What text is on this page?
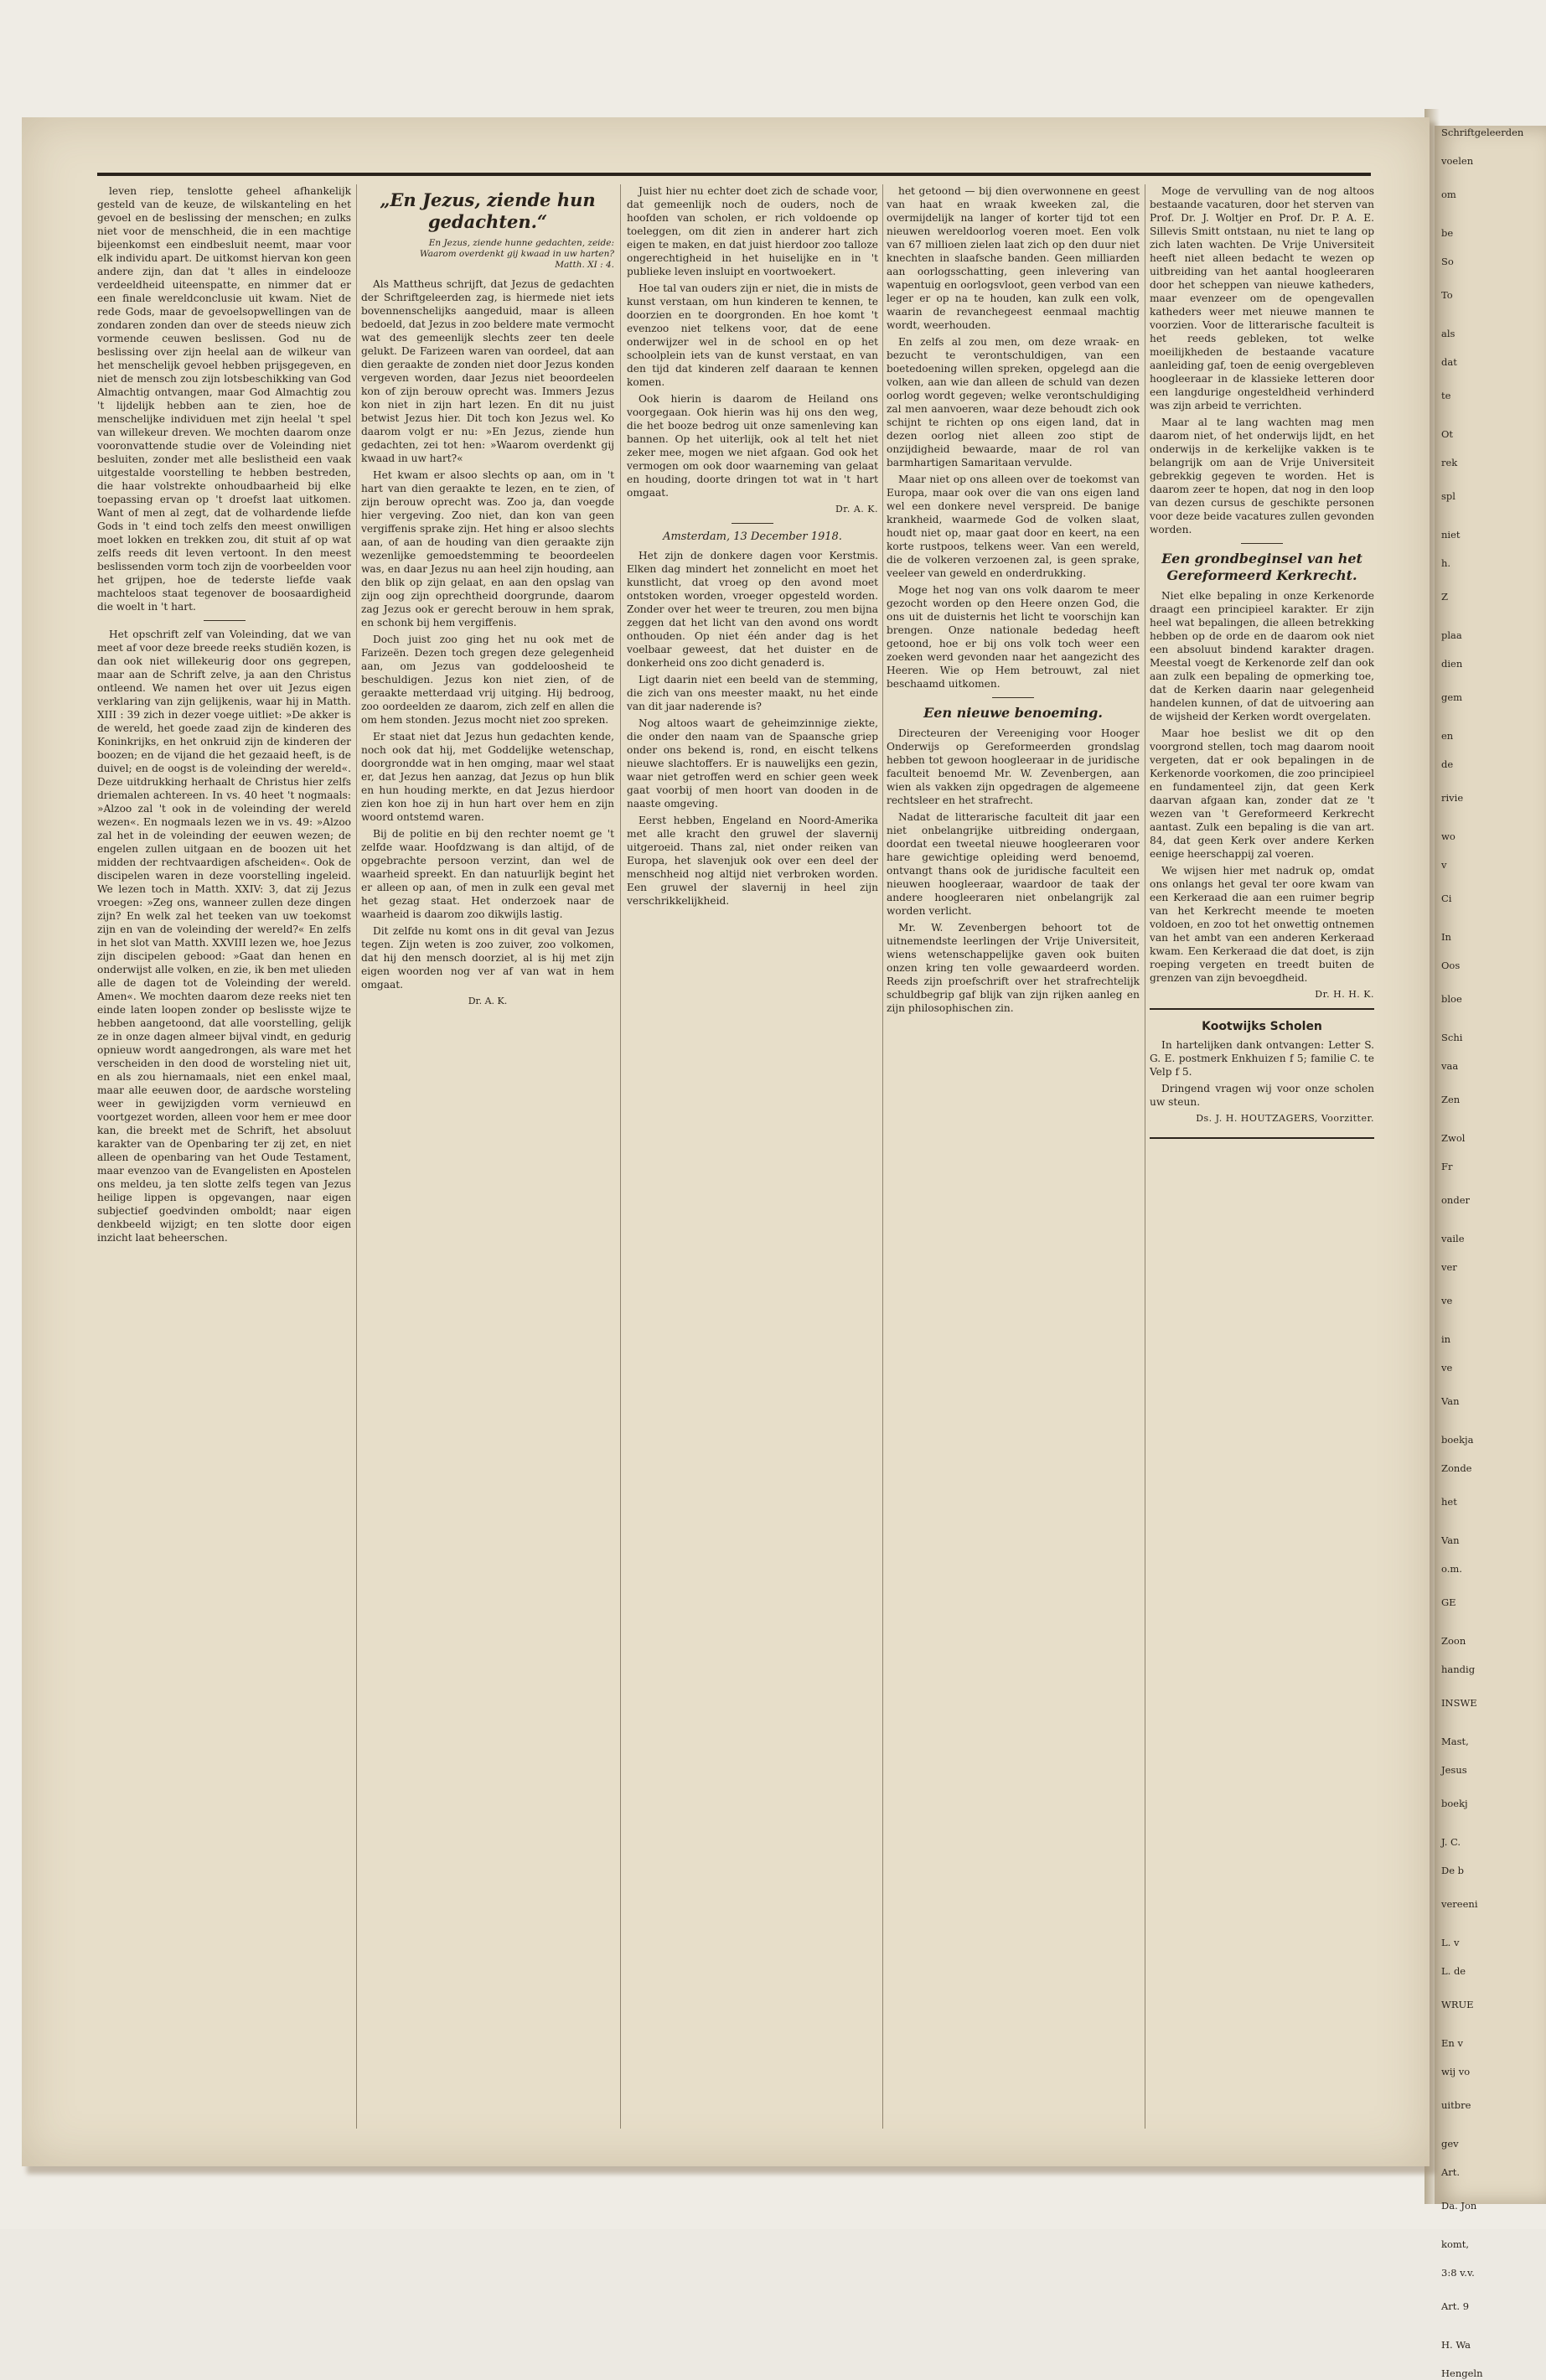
Schriftgeleerden
voelen
om
be
So
To
als
dat
te
Ot
rek
spl
niet
h.
Z
plaa
dien
gem
en
de
rivie
wo
v
Ci
In
Oos
bloe
Schi
vaa
Zen
Zwol
Fr
onder
vaile
ver
ve
in
ve
Van
boekja
Zonde
het
Van
o.m.
GE
Zoon
handig
INSWE
Mast,
Jesus
boekj
J. C.
De b
vereeni
L. v
L. de
WRUE
En v
wij vo
uitbre
gev
Art.
Da. Jon
komt,
3:8 v.v.
Art. 9
H. Wa
Hengeln

leven riep, tenslotte geheel afhankelijk gesteld van de keuze, de wilskanteling en het gevoel en de beslissing der menschen; en zulks niet voor de menschheid, die in een machtige bijeenkomst een eindbesluit neemt, maar voor elk individu apart. De uitkomst hiervan kon geen andere zijn, dan dat 't alles in eindelooze verdeeldheid uiteenspatte, en nimmer dat er een finale wereldconclusie uit kwam. Niet de rede Gods, maar de gevoelsopwellingen van de zondaren zonden dan over de steeds nieuw zich vormende ceuwen beslissen. God nu de beslissing over zijn heelal aan de wilkeur van het menschelijk gevoel hebben prijsgegeven, en niet de mensch zou zijn lotsbeschikking van God Almachtig ontvangen, maar God Almachtig zou 't lijdelijk hebben aan te zien, hoe de menschelijke individuen met zijn heelal 't spel van willekeur dreven. We mochten daarom onze vooronvattende studie over de Voleinding niet besluiten, zonder met alle beslistheid een vaak uitgestalde voorstelling te hebben bestreden, die haar volstrekte onhoudbaarheid bij elke toepassing ervan op 't droefst laat uitkomen. Want of men al zegt, dat de volhardende liefde Gods in 't eind toch zelfs den meest onwilligen moet lokken en trekken zou, dit stuit af op wat zelfs reeds dit leven vertoont. In den meest beslissenden vorm toch zijn de voorbeelden voor het grijpen, hoe de tederste liefde vaak machteloos staat tegenover de boosaardigheid die woelt in 't hart.

Het opschrift zelf van Voleinding, dat we van meet af voor deze breede reeks studiën kozen, is dan ook niet willekeurig door ons gegrepen, maar aan de Schrift zelve, ja aan den Christus ontleend. We namen het over uit Jezus eigen verklaring van zijn gelijkenis, waar hij in Matth. XIII : 39 zich in dezer voege uitliet: »De akker is de wereld, het goede zaad zijn de kinderen des Koninkrijks, en het onkruid zijn de kinderen der boozen; en de vijand die het gezaaid heeft, is de duivel; en de oogst is de voleinding der wereld«. Deze uitdrukking herhaalt de Christus hier zelfs driemalen achtereen. In vs. 40 heet 't nogmaals: »Alzoo zal 't ook in de voleinding der wereld wezen«. En nogmaals lezen we in vs. 49: »Alzoo zal het in de voleinding der eeuwen wezen; de engelen zullen uitgaan en de boozen uit het midden der rechtvaardigen afscheiden«. Ook de discipelen waren in deze voorstelling ingeleid. We lezen toch in Matth. XXIV: 3, dat zij Jezus vroegen: »Zeg ons, wanneer zullen deze dingen zijn? En welk zal het teeken van uw toekomst zijn en van de voleinding der wereld?« En zelfs in het slot van Matth. XXVIII lezen we, hoe Jezus zijn discipelen gebood: »Gaat dan henen en onderwijst alle volken, en zie, ik ben met ulieden alle de dagen tot de Voleinding der wereld. Amen«. We mochten daarom deze reeks niet ten einde laten loopen zonder op beslisste wijze te hebben aangetoond, dat alle voorstelling, gelijk ze in onze dagen almeer bijval vindt, en gedurig opnieuw wordt aangedrongen, als ware met het verscheiden in den dood de worsteling niet uit, en als zou hiernamaals, niet een enkel maal, maar alle eeuwen door, de aardsche worsteling weer in gewijzigden vorm vernieuwd en voortgezet worden, alleen voor hem er mee door kan, die breekt met de Schrift, het absoluut karakter van de Openbaring ter zij zet, en niet alleen de openbaring van het Oude Testament, maar evenzoo van de Evangelisten en Apostelen ons meldeu, ja ten slotte zelfs tegen van Jezus heilige lippen is opgevangen, naar eigen subjectief goedvinden omboldt; naar eigen denkbeeld wijzigt; en ten slotte door eigen inzicht laat beheerschen.

„En Jezus, ziende hun gedachten.“
En Jezus, ziende hunne gedachten, zeide: Waarom overdenkt gij kwaad in uw harten? Matth. XI : 4.

Als Mattheus schrijft, dat Jezus de gedachten der Schriftgeleerden zag, is hiermede niet iets bovennenschelijks aangeduid, maar is alleen bedoeld, dat Jezus in zoo beldere mate vermocht wat des gemeenlijk slechts zeer ten deele gelukt. De Farizeen waren van oordeel, dat aan dien geraakte de zonden niet door Jezus konden vergeven worden, daar Jezus niet beoordeelen kon of zijn berouw oprecht was. Immers Jezus kon niet in zijn hart lezen. En dit nu juist betwist Jezus hier. Dit toch kon Jezus wel. Ko daarom volgt er nu: »En Jezus, ziende hun gedachten, zei tot hen: »Waarom overdenkt gij kwaad in uw hart?«

Het kwam er alsoo slechts op aan, om in 't hart van dien geraakte te lezen, en te zien, of zijn berouw oprecht was. Zoo ja, dan voegde hier vergeving. Zoo niet, dan kon van geen vergiffenis sprake zijn. Het hing er alsoo slechts aan, of aan de houding van dien geraakte zijn wezenlijke gemoedstemming te beoordeelen was, en daar Jezus nu aan heel zijn houding, aan den blik op zijn gelaat, en aan den opslag van zijn oog zijn oprechtheid doorgrunde, daarom zag Jezus ook er gerecht berouw in hem sprak, en schonk bij hem vergiffenis.

Doch juist zoo ging het nu ook met de Farizeën. Dezen toch gregen deze gelegenheid aan, om Jezus van goddeloosheid te beschuldigen. Jezus kon niet zien, of de geraakte metterdaad vrij uitging. Hij bedroog, zoo oordeelden ze daarom, zich zelf en allen die om hem stonden. Jezus mocht niet zoo spreken.

Er staat niet dat Jezus hun gedachten kende, noch ook dat hij, met Goddelijke wetenschap, doorgrondde wat in hen omging, maar wel staat er, dat Jezus hen aanzag, dat Jezus op hun blik en hun houding merkte, en dat Jezus hierdoor zien kon hoe zij in hun hart over hem en zijn woord ontstemd waren.

Bij de politie en bij den rechter noemt ge 't zelfde waar. Hoofdzwang is dan altijd, of de opgebrachte persoon verzint, dan wel de waarheid spreekt. En dan natuurlijk begint het er alleen op aan, of men in zulk een geval met het gezag staat. Het onderzoek naar de waarheid is daarom zoo dikwijls lastig.

Dit zelfde nu komt ons in dit geval van Jezus tegen. Zijn weten is zoo zuiver, zoo volkomen, dat hij den mensch doorziet, al is hij met zijn eigen woorden nog ver af van wat in hem omgaat.

Dr. A. K.

Juist hier nu echter doet zich de schade voor, dat gemeenlijk noch de ouders, noch de hoofden van scholen, er rich voldoende op toeleggen, om dit zien in anderer hart zich eigen te maken, en dat juist hierdoor zoo talloze ongerechtigheid in het huiselijke en in 't publieke leven insluipt en voortwoekert.

Hoe tal van ouders zijn er niet, die in mists de kunst verstaan, om hun kinderen te kennen, te doorzien en te doorgronden. En hoe komt 't evenzoo niet telkens voor, dat de eene onderwijzer wel in de school en op het schoolplein iets van de kunst verstaat, en van den tijd dat kinderen zelf daaraan te kennen komen.

Ook hierin is daarom de Heiland ons voorgegaan. Ook hierin was hij ons den weg, die het booze bedrog uit onze samenleving kan bannen. Op het uiterlijk, ook al telt het niet zeker mee, mogen we niet afgaan. God ook het vermogen om ook door waarneming van gelaat en houding, doorte dringen tot wat in 't hart omgaat.

Dr. A. K.
Amsterdam, 13 December 1918.

Het zijn de donkere dagen voor Kerstmis. Elken dag mindert het zonnelicht en moet het kunstlicht, dat vroeg op den avond moet ontstoken worden, vroeger opgesteld worden. Zonder over het weer te treuren, zou men bijna zeggen dat het licht van den avond ons wordt onthouden. Op niet één ander dag is het voelbaar geweest, dat het duister en de donkerheid ons zoo dicht genaderd is.

Ligt daarin niet een beeld van de stemming, die zich van ons meester maakt, nu het einde van dit jaar naderende is?

Nog altoos waart de geheimzinnige ziekte, die onder den naam van de Spaansche griep onder ons bekend is, rond, en eischt telkens nieuwe slachtoffers. Er is nauwelijks een gezin, waar niet getroffen werd en schier geen week gaat voorbij of men hoort van dooden in de naaste omgeving.

Eerst hebben, Engeland en Noord-Amerika met alle kracht den gruwel der slavernij uitgeroeid. Thans zal, niet onder reiken van Europa, het slavenjuk ook over een deel der menschheid nog altijd niet verbroken worden. Een gruwel der slavernij in heel zijn verschrikkelijkheid.

het getoond — bij dien overwonnene en geest van haat en wraak kweeken zal, die overmijdelijk na langer of korter tijd tot een nieuwen wereldoorlog voeren moet. Een volk van 67 millioen zielen laat zich op den duur niet knechten in slaafsche banden. Geen milliarden aan oorlogsschatting, geen inlevering van wapentuig en oorlogsvloot, geen verbod van een leger er op na te houden, kan zulk een volk, waarin de revanchegeest eenmaal machtig wordt, weerhouden.

En zelfs al zou men, om deze wraak- en bezucht te verontschuldigen, van een boetedoening willen spreken, opgelegd aan die volken, aan wie dan alleen de schuld van dezen oorlog wordt gegeven; welke verontschuldiging zal men aanvoeren, waar deze behoudt zich ook schijnt te richten op ons eigen land, dat in dezen oorlog niet alleen zoo stipt de onzijdigheid bewaarde, maar de rol van barmhartigen Samaritaan vervulde.

Maar niet op ons alleen over de toekomst van Europa, maar ook over die van ons eigen land wel een donkere nevel verspreid. De banige krankheid, waarmede God de volken slaat, houdt niet op, maar gaat door en keert, na een korte rustpoos, telkens weer. Van een wereld, die de volkeren verzoenen zal, is geen sprake, veeleer van geweld en onderdrukking.

Moge het nog van ons volk daarom te meer gezocht worden op den Heere onzen God, die ons uit de duisternis het licht te voorschijn kan brengen. Onze nationale bededag heeft getoond, hoe er bij ons volk toch weer een zoeken werd gevonden naar het aangezicht des Heeren. Wie op Hem betrouwt, zal niet beschaamd uitkomen.

Een nieuwe benoeming.

Directeuren der Vereeniging voor Hooger Onderwijs op Gereformeerden grondslag hebben tot gewoon hoogleeraar in de juridische faculteit benoemd Mr. W. Zevenbergen, aan wien als vakken zijn opgedragen de algemeene rechtsleer en het strafrecht.

Nadat de litterarische faculteit dit jaar een niet onbelangrijke uitbreiding ondergaan, doordat een tweetal nieuwe hoogleeraren voor hare gewichtige opleiding werd benoemd, ontvangt thans ook de juridische faculteit een nieuwen hoogleeraar, waardoor de taak der andere hoogleeraren niet onbelangrijk zal worden verlicht.

Mr. W. Zevenbergen behoort tot de uitnemendste leerlingen der Vrije Universiteit, wiens wetenschappelijke gaven ook buiten onzen kring ten volle gewaardeerd worden. Reeds zijn proefschrift over het strafrechtelijk schuldbegrip gaf blijk van zijn rijken aanleg en zijn philosophischen zin.

Moge de vervulling van de nog altoos bestaande vacaturen, door het sterven van Prof. Dr. J. Woltjer en Prof. Dr. P. A. E. Sillevis Smitt ontstaan, nu niet te lang op zich laten wachten. De Vrije Universiteit heeft niet alleen bedacht te wezen op uitbreiding van het aantal hoogleeraren door het scheppen van nieuwe katheders, maar evenzeer om de opengevallen katheders weer met nieuwe mannen te voorzien. Voor de litterarische faculteit is het reeds gebleken, tot welke moeilijkheden de bestaande vacature aanleiding gaf, toen de eenig overgebleven hoogleeraar in de klassieke letteren door een langdurige ongesteldheid verhinderd was zijn arbeid te verrichten.

Maar al te lang wachten mag men daarom niet, of het onderwijs lijdt, en het onderwijs in de kerkelijke vakken is te belangrijk om aan de Vrije Universiteit gebrekkig gegeven te worden. Het is daarom zeer te hopen, dat nog in den loop van dezen cursus de geschikte personen voor deze beide vacatures zullen gevonden worden.

Een grondbeginsel van het Gereformeerd Kerkrecht.

Niet elke bepaling in onze Kerkenorde draagt een principieel karakter. Er zijn heel wat bepalingen, die alleen betrekking hebben op de orde en de daarom ook niet een absoluut bindend karakter dragen. Meestal voegt de Kerkenorde zelf dan ook aan zulk een bepaling de opmerking toe, dat de Kerken daarin naar gelegenheid handelen kunnen, of dat de uitvoering aan de wijsheid der Kerken wordt overgelaten.

Maar hoe beslist we dit op den voorgrond stellen, toch mag daarom nooit vergeten, dat er ook bepalingen in de Kerkenorde voorkomen, die zoo principieel en fundamenteel zijn, dat geen Kerk daarvan afgaan kan, zonder dat ze 't wezen van 't Gereformeerd Kerkrecht aantast. Zulk een bepaling is die van art. 84, dat geen Kerk over andere Kerken eenige heerschappij zal voeren.

We wijsen hier met nadruk op, omdat ons onlangs het geval ter oore kwam van een Kerkeraad die aan een ruimer begrip van het Kerkrecht meende te moeten voldoen, en zoo tot het onwettig ontnemen van het ambt van een anderen Kerkeraad kwam. Een Kerkeraad die dat doet, is zijn roeping vergeten en treedt buiten de grenzen van zijn bevoegdheid.

Dr. H. H. K.
Kootwijks Scholen

In hartelijken dank ontvangen: Letter S. G. E. postmerk Enkhuizen f 5; familie C. te Velp f 5.

Dringend vragen wij voor onze scholen uw steun.

Ds. J. H. HOUTZAGERS, Voorzitter.
